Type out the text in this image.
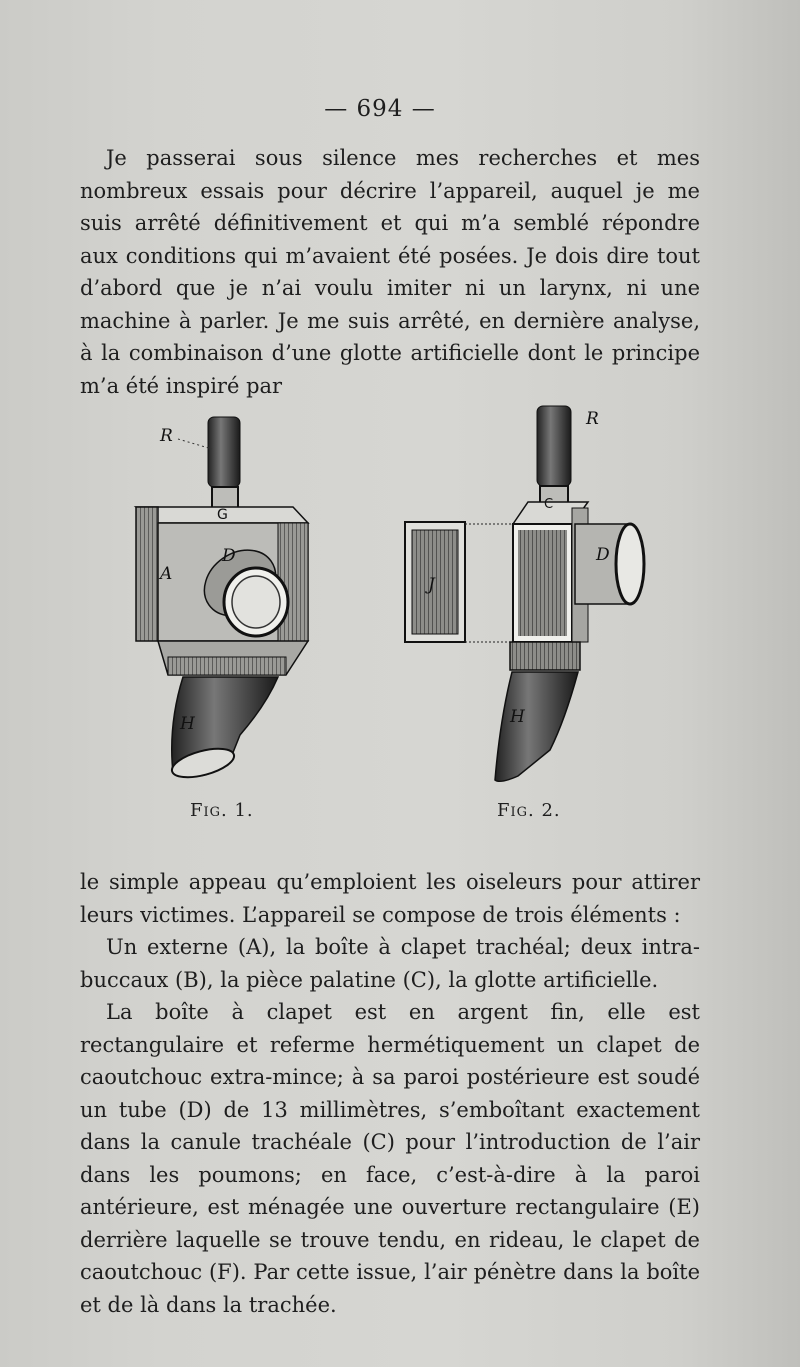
— 694 —

Je passerai sous silence mes recherches et mes nombreux essais pour décrire l’appareil, auquel je me suis arrêté définitivement et qui m’a semblé répondre aux conditions qui m’avaient été posées. Je dois dire tout d’abord que je n’ai voulu imiter ni un larynx, ni une machine à parler. Je me suis arrêté, en dernière analyse, à la combinaison d’une glotte artificielle dont le principe m’a été inspiré par

R
G
D
A
H
R
C
D
J
H
Fig. 1.	Fig. 2.

le simple appeau qu’emploient les oiseleurs pour attirer leurs victimes. L’appareil se compose de trois éléments :

Un externe (A), la boîte à clapet trachéal; deux intra-buccaux (B), la pièce palatine (C), la glotte artificielle.

La boîte à clapet est en argent fin, elle est rectangulaire et referme hermétiquement un clapet de caoutchouc extra-mince; à sa paroi postérieure est soudé un tube (D) de 13 millimètres, s’emboîtant exactement dans la canule trachéale (C) pour l’introduction de l’air dans les poumons; en face, c’est-à-dire à la paroi antérieure, est ménagée une ouverture rectangulaire (E) derrière laquelle se trouve tendu, en rideau, le clapet de caoutchouc (F). Par cette issue, l’air pénètre dans la boîte et de là dans la trachée.
